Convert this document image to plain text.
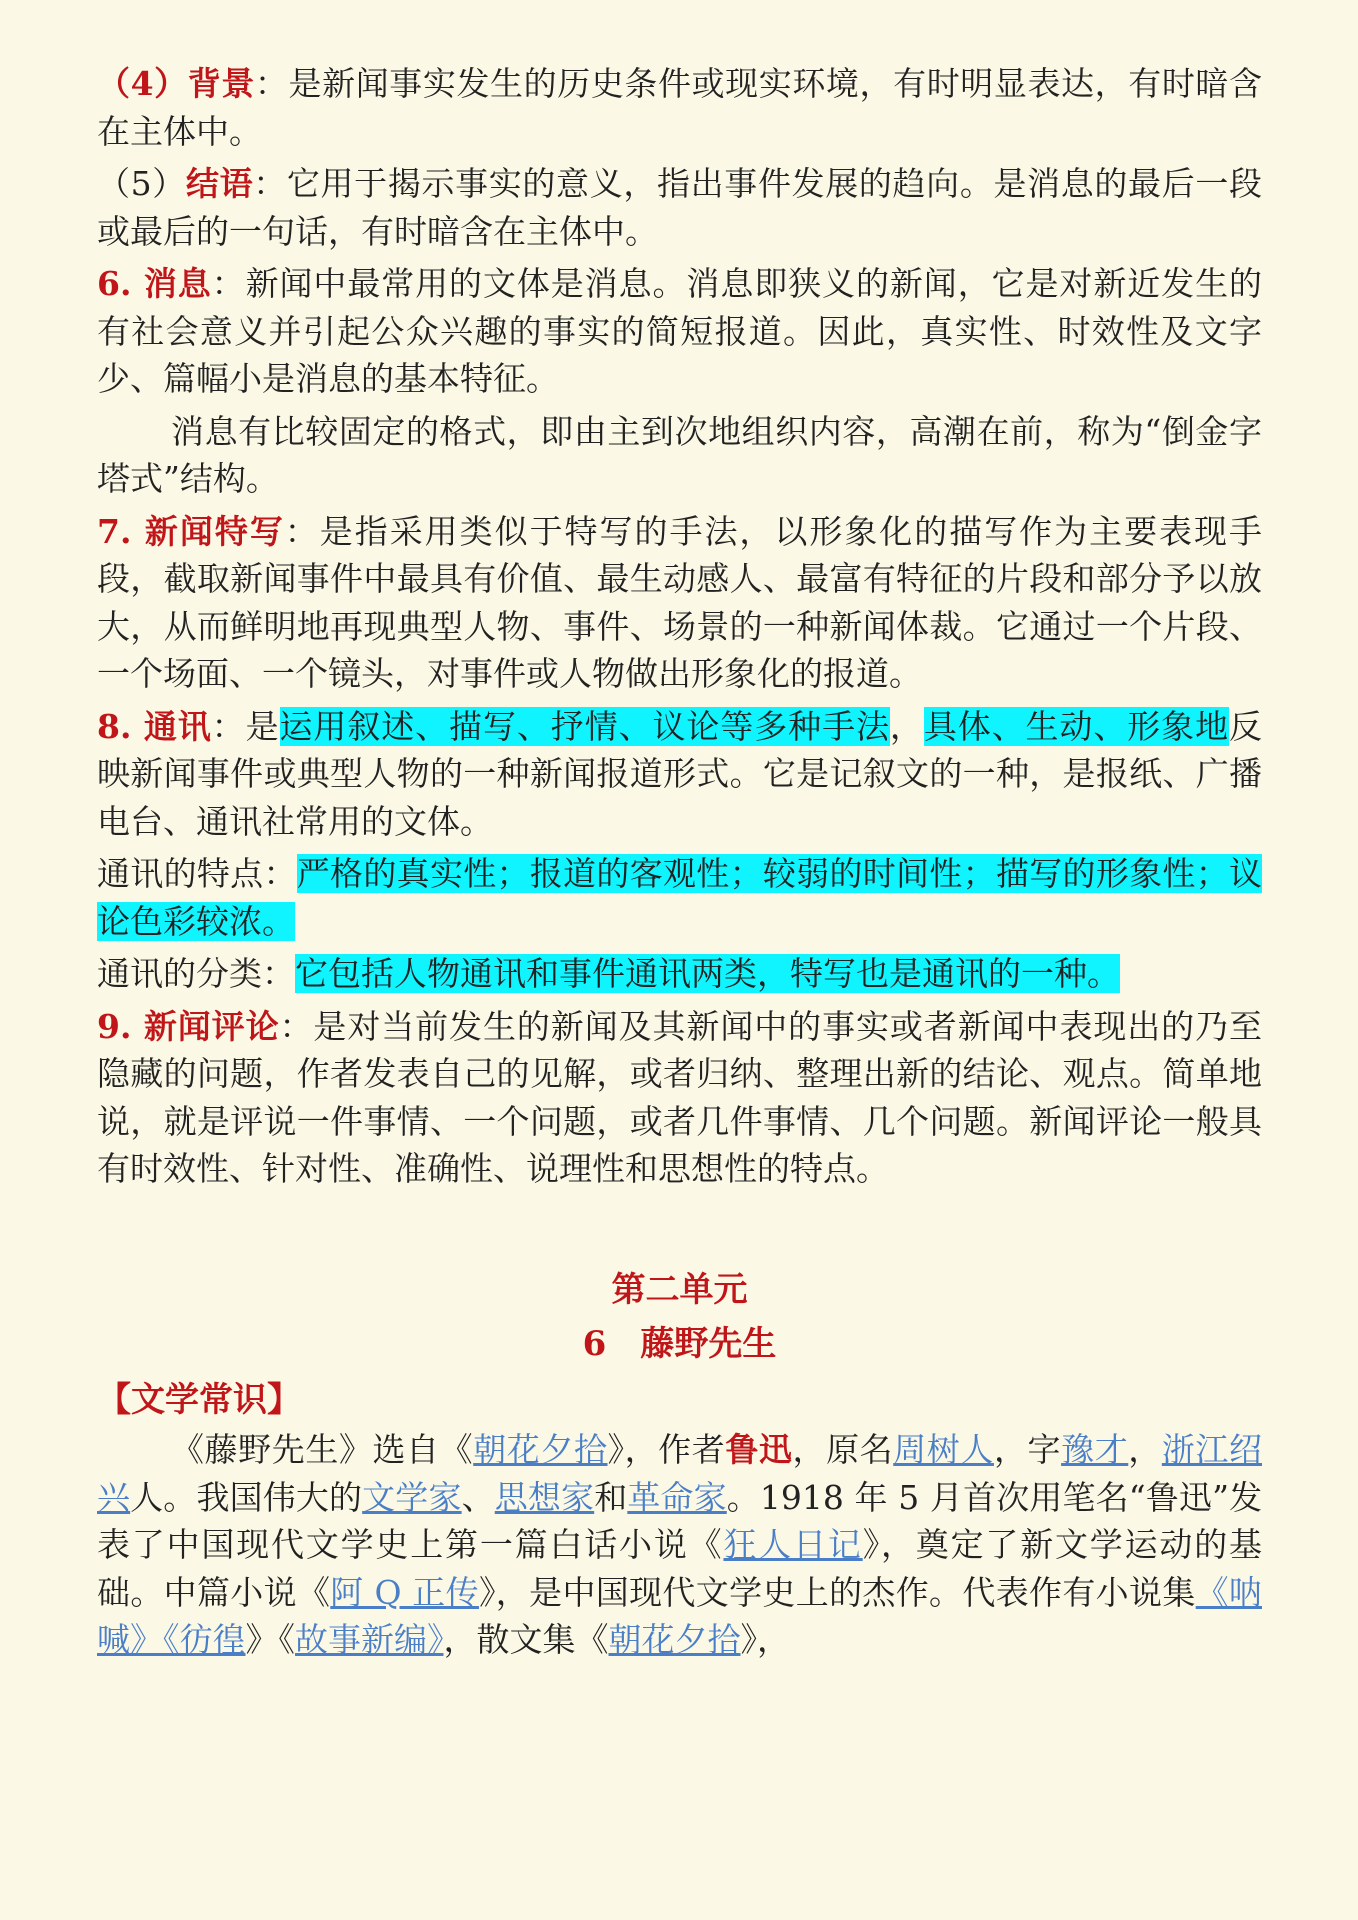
（4）背景：是新闻事实发生的历史条件或现实环境，有时明显表达，有时暗含在主体中。

（5）结语：它用于揭示事实的意义，指出事件发展的趋向。是消息的最后一段或最后的一句话，有时暗含在主体中。

6. 消息：新闻中最常用的文体是消息。消息即狭义的新闻，它是对新近发生的有社会意义并引起公众兴趣的事实的简短报道。因此，真实性、时效性及文字少、篇幅小是消息的基本特征。

消息有比较固定的格式，即由主到次地组织内容，高潮在前，称为“倒金字塔式”结构。

7. 新闻特写：是指采用类似于特写的手法，以形象化的描写作为主要表现手段，截取新闻事件中最具有价值、最生动感人、最富有特征的片段和部分予以放大，从而鲜明地再现典型人物、事件、场景的一种新闻体裁。它通过一个片段、一个场面、一个镜头，对事件或人物做出形象化的报道。

8. 通讯：是运用叙述、描写、抒情、议论等多种手法，具体、生动、形象地反映新闻事件或典型人物的一种新闻报道形式。它是记叙文的一种，是报纸、广播电台、通讯社常用的文体。

通讯的特点：严格的真实性；报道的客观性；较弱的时间性；描写的形象性；议论色彩较浓。

通讯的分类：它包括人物通讯和事件通讯两类，特写也是通讯的一种。

9. 新闻评论：是对当前发生的新闻及其新闻中的事实或者新闻中表现出的乃至隐藏的问题，作者发表自己的见解，或者归纳、整理出新的结论、观点。简单地说，就是评说一件事情、一个问题，或者几件事情、几个问题。新闻评论一般具有时效性、针对性、准确性、说理性和思想性的特点。

第二单元

6　藤野先生

【文学常识】

《藤野先生》选自《朝花夕拾》，作者鲁迅，原名周树人，字豫才，浙江绍兴人。我国伟大的文学家、思想家和革命家。1918 年 5 月首次用笔名“鲁迅”发表了中国现代文学史上第一篇白话小说《狂人日记》，奠定了新文学运动的基础。中篇小说《阿 Q 正传》，是中国现代文学史上的杰作。代表作有小说集《呐喊》《彷徨》《故事新编》，散文集《朝花夕拾》，
